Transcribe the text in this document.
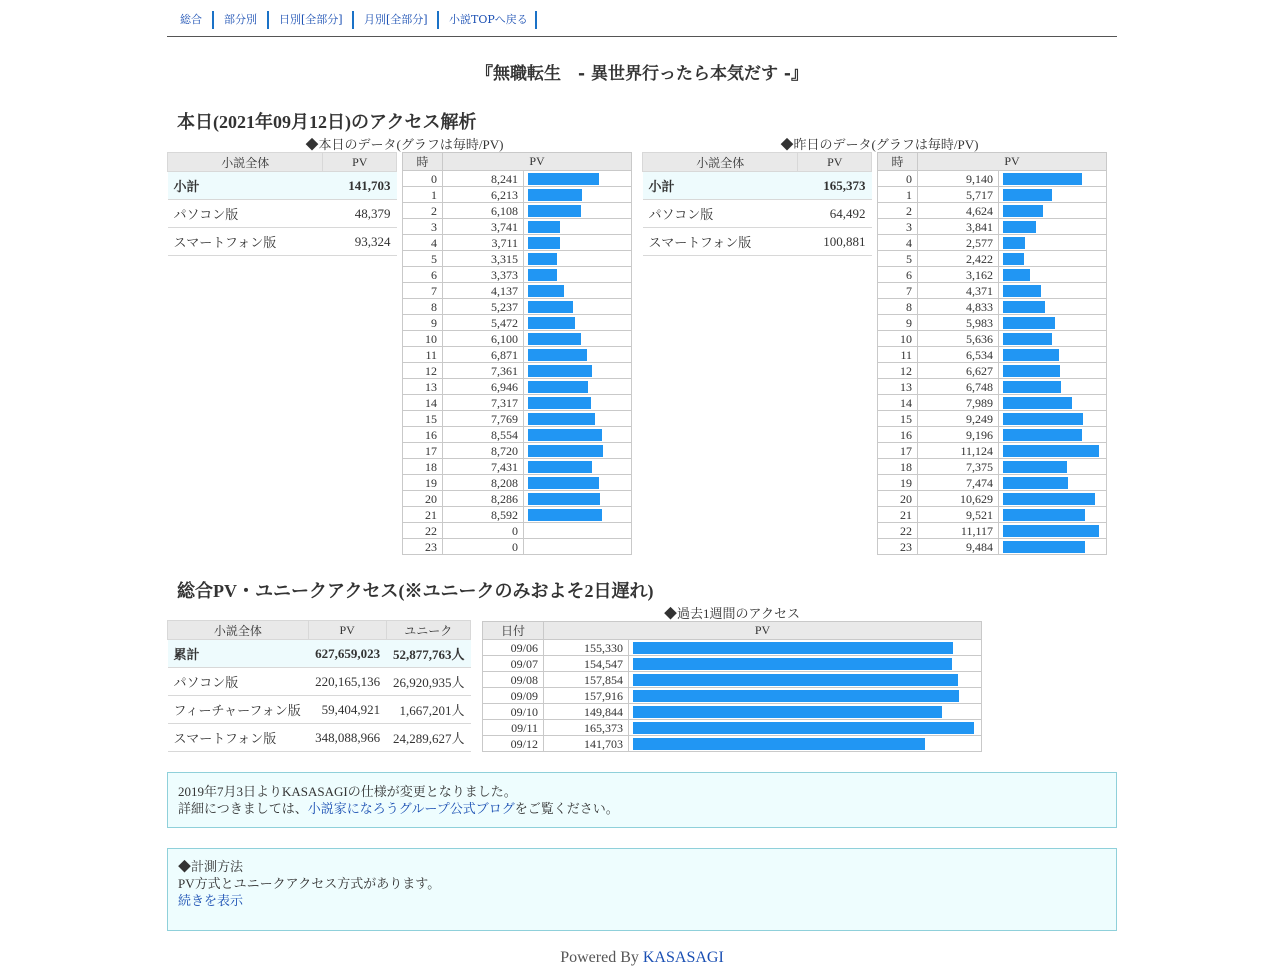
総合 部分別 日別[全部分] 月別[全部分] 小説TOPへ戻る
『無職転生　- 異世界行ったら本気だす -』
本日(2021年09月12日)のアクセス解析
◆本日のデータ(グラフは毎時/PV)	◆昨日のデータ(グラフは毎時/PV)
小説全体	PV
小計	141,703
パソコン版	48,379
スマートフォン版	93,324
時	PV	
0	8,241	

1	6,213	

2	6,108	

3	3,741	

4	3,711	

5	3,315	

6	3,373	

7	4,137	

8	5,237	

9	5,472	

10	6,100	

11	6,871	

12	7,361	

13	6,946	

14	7,317	

15	7,769	

16	8,554	

17	8,720	

18	7,431	

19	8,208	

20	8,286	

21	8,592	

22	0	
23	0	
小説全体	PV
小計	165,373
パソコン版	64,492
スマートフォン版	100,881
時	PV	
0	9,140	

1	5,717	

2	4,624	

3	3,841	

4	2,577	

5	2,422	

6	3,162	

7	4,371	

8	4,833	

9	5,983	

10	5,636	

11	6,534	

12	6,627	

13	6,748	

14	7,989	

15	9,249	

16	9,196	

17	11,124	

18	7,375	

19	7,474	

20	10,629	

21	9,521	

22	11,117	

23	9,484	
総合PV・ユニークアクセス(※ユニークのみおよそ2日遅れ)
小説全体	PV	ユニーク
累計	627,659,023	52,877,763人
パソコン版	220,165,136	26,920,935人
フィーチャーフォン版	59,404,921	1,667,201人
スマートフォン版	348,088,966	24,289,627人
◆過去1週間のアクセス
日付	PV	
09/06	155,330	

09/07	154,547	

09/08	157,854	

09/09	157,916	

09/10	149,844	

09/11	165,373	

09/12	141,703	
2019年7月3日よりKASASAGIの仕様が変更となりました。
詳細につきましては、小説家になろうグループ公式ブログをご覧ください。
◆計測方法
PV方式とユニークアクセス方式があります。
続きを表示
Powered By KASASAGI
